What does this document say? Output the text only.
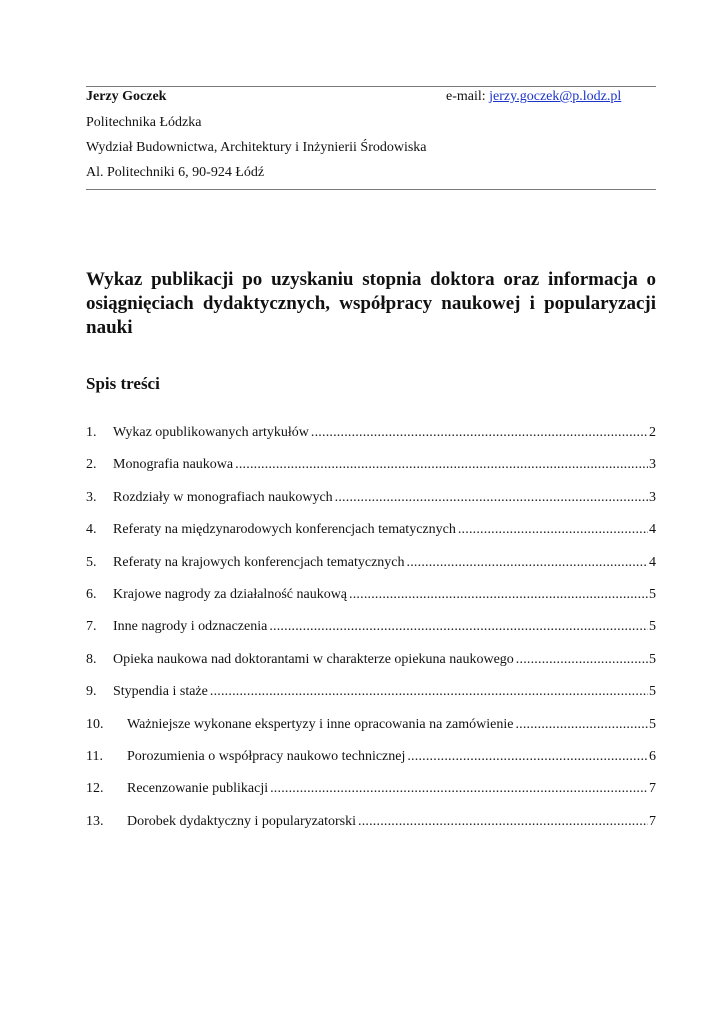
Jerzy Goczek	e-mail: jerzy.goczek@p.lodz.pl
Politechnika Łódzka
Wydział Budownictwa, Architektury i Inżynierii Środowiska
Al. Politechniki 6, 90-924 Łódź
Wykaz publikacji po uzyskaniu stopnia doktora oraz informacja o osiągnięciach dydaktycznych, współpracy naukowej i popularyzacji nauki
Spis treści
1.	Wykaz opublikowanych artykułów .....	2
2.	Monografia naukowa .....	3
3.	Rozdziały w monografiach naukowych .....	3
4.	Referaty na międzynarodowych konferencjach tematycznych .....	4
5.	Referaty na krajowych konferencjach tematycznych .....	4
6.	Krajowe nagrody za działalność naukową .....	5
7.	Inne nagrody i odznaczenia .....	5
8.	Opieka naukowa nad doktorantami w charakterze opiekuna naukowego .....	5
9.	Stypendia i staże .....	5
10.	Ważniejsze wykonane ekspertyzy i inne opracowania na zamówienie .....	5
11.	Porozumienia o współpracy naukowo technicznej .....	6
12.	Recenzowanie publikacji .....	7
13.	Dorobek dydaktyczny i popularyzatorski .....	7
